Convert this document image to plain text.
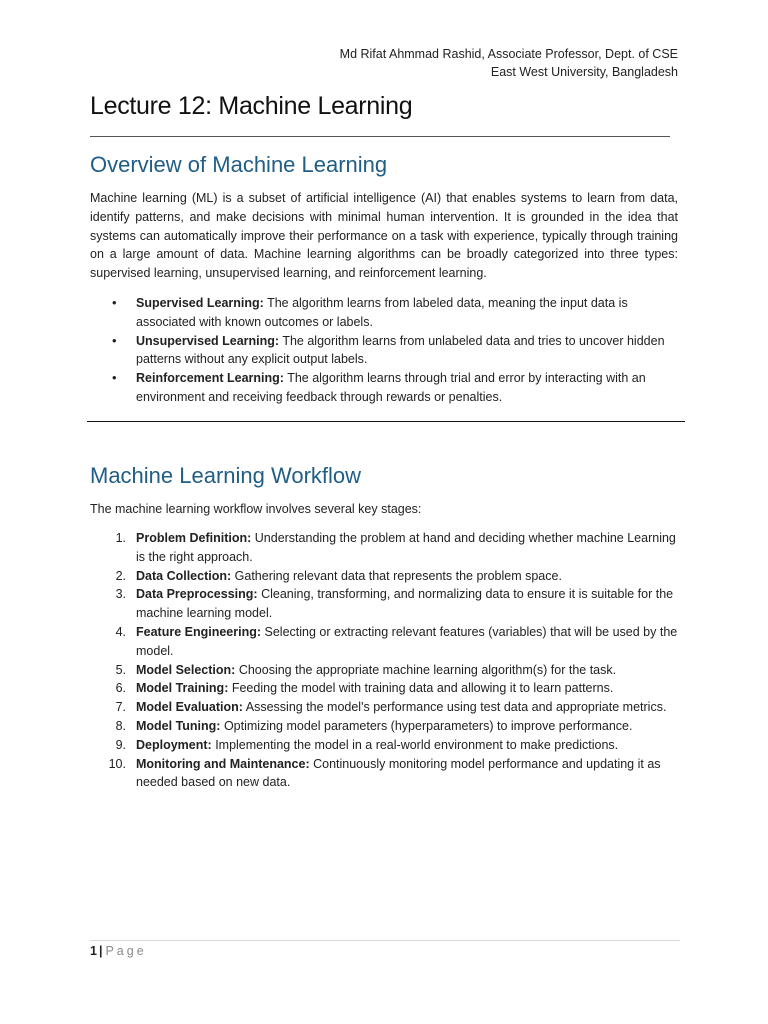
Md Rifat Ahmmad Rashid, Associate Professor, Dept. of CSE
East West University, Bangladesh
Lecture 12: Machine Learning
Overview of Machine Learning

Machine learning (ML) is a subset of artificial intelligence (AI) that enables systems to learn from data, identify patterns, and make decisions with minimal human intervention. It is grounded in the idea that systems can automatically improve their performance on a task with experience, typically through training on a large amount of data. Machine learning algorithms can be broadly categorized into three types: supervised learning, unsupervised learning, and reinforcement learning.

• Supervised Learning: The algorithm learns from labeled data, meaning the input data is associated with known outcomes or labels.
• Unsupervised Learning: The algorithm learns from unlabeled data and tries to uncover hidden patterns without any explicit output labels.
• Reinforcement Learning: The algorithm learns through trial and error by interacting with an environment and receiving feedback through rewards or penalties.
Machine Learning Workflow

The machine learning workflow involves several key stages:

1. Problem Definition: Understanding the problem at hand and deciding whether machine Learning is the right approach.
2. Data Collection: Gathering relevant data that represents the problem space.
3. Data Preprocessing: Cleaning, transforming, and normalizing data to ensure it is suitable for the machine learning model.
4. Feature Engineering: Selecting or extracting relevant features (variables) that will be used by the model.
5. Model Selection: Choosing the appropriate machine learning algorithm(s) for the task.
6. Model Training: Feeding the model with training data and allowing it to learn patterns.
7. Model Evaluation: Assessing the model's performance using test data and appropriate metrics.
8. Model Tuning: Optimizing model parameters (hyperparameters) to improve performance.
9. Deployment: Implementing the model in a real-world environment to make predictions.
10. Monitoring and Maintenance: Continuously monitoring model performance and updating it as needed based on new data.
1 | Page
